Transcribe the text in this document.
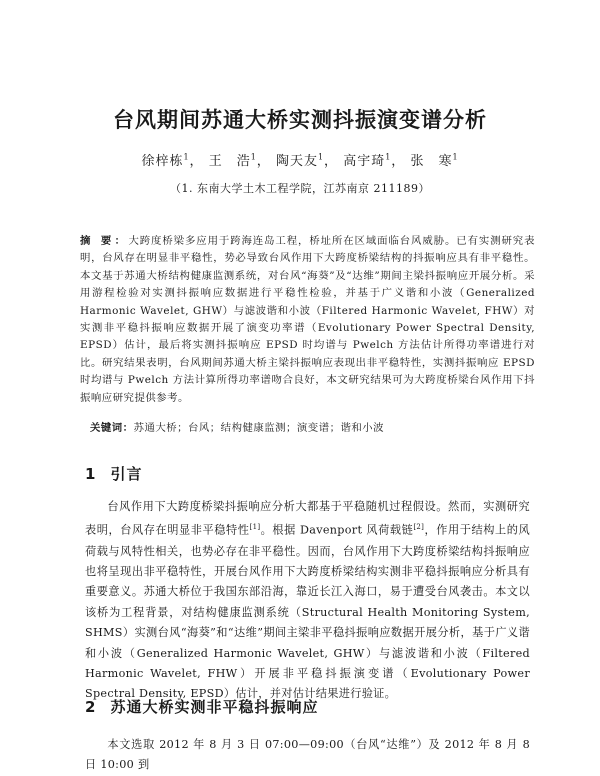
台风期间苏通大桥实测抖振演变谱分析
徐梓栋$^1$， 王　浩$^1$， 陶天友$^1$， 高宇琦$^1$， 张　寒$^1$
（1. 东南大学土木工程学院，江苏南京 211189）
摘 要：大跨度桥梁多应用于跨海连岛工程，桥址所在区域面临台风威胁。已有实测研究表明，台风存在明显非平稳性，势必导致台风作用下大跨度桥梁结构的抖振响应具有非平稳性。本文基于苏通大桥结构健康监测系统，对台风“海葵”及“达维”期间主梁抖振响应开展分析。采用游程检验对实测抖振响应数据进行平稳性检验，并基于广义谐和小波（Generalized Harmonic Wavelet, GHW）与滤波谐和小波（Filtered Harmonic Wavelet, FHW）对实测非平稳抖振响应数据开展了演变功率谱（Evolutionary Power Spectral Density, EPSD）估计，最后将实测抖振响应 EPSD 时均谱与 Pwelch 方法估计所得功率谱进行对比。研究结果表明，台风期间苏通大桥主梁抖振响应表现出非平稳特性，实测抖振响应 EPSD 时均谱与 Pwelch 方法计算所得功率谱吻合良好，本文研究结果可为大跨度桥梁台风作用下抖振响应研究提供参考。
关键词：苏通大桥；台风；结构健康监测；演变谱；谐和小波
1 引言
台风作用下大跨度桥梁抖振响应分析大都基于平稳随机过程假设。然而，实测研究表明，台风存在明显非平稳特性[1]。根据 Davenport 风荷载链[2]，作用于结构上的风荷载与风特性相关，也势必存在非平稳性。因而，台风作用下大跨度桥梁结构抖振响应也将呈现出非平稳特性，开展台风作用下大跨度桥梁结构实测非平稳抖振响应分析具有重要意义。苏通大桥位于我国东部沿海，靠近长江入海口，易于遭受台风袭击。本文以该桥为工程背景，对结构健康监测系统（Structural Health Monitoring System, SHMS）实测台风“海葵”和“达维”期间主梁非平稳抖振响应数据开展分析，基于广义谐和小波（Generalized Harmonic Wavelet, GHW）与滤波谐和小波（Filtered Harmonic Wavelet, FHW）开展非平稳抖振演变谱（Evolutionary Power Spectral Density, EPSD）估计，并对估计结果进行验证。
2 苏通大桥实测非平稳抖振响应
本文选取 2012 年 8 月 3 日 07:00—09:00（台风“达维”）及 2012 年 8 月 8 日 10:00 到
